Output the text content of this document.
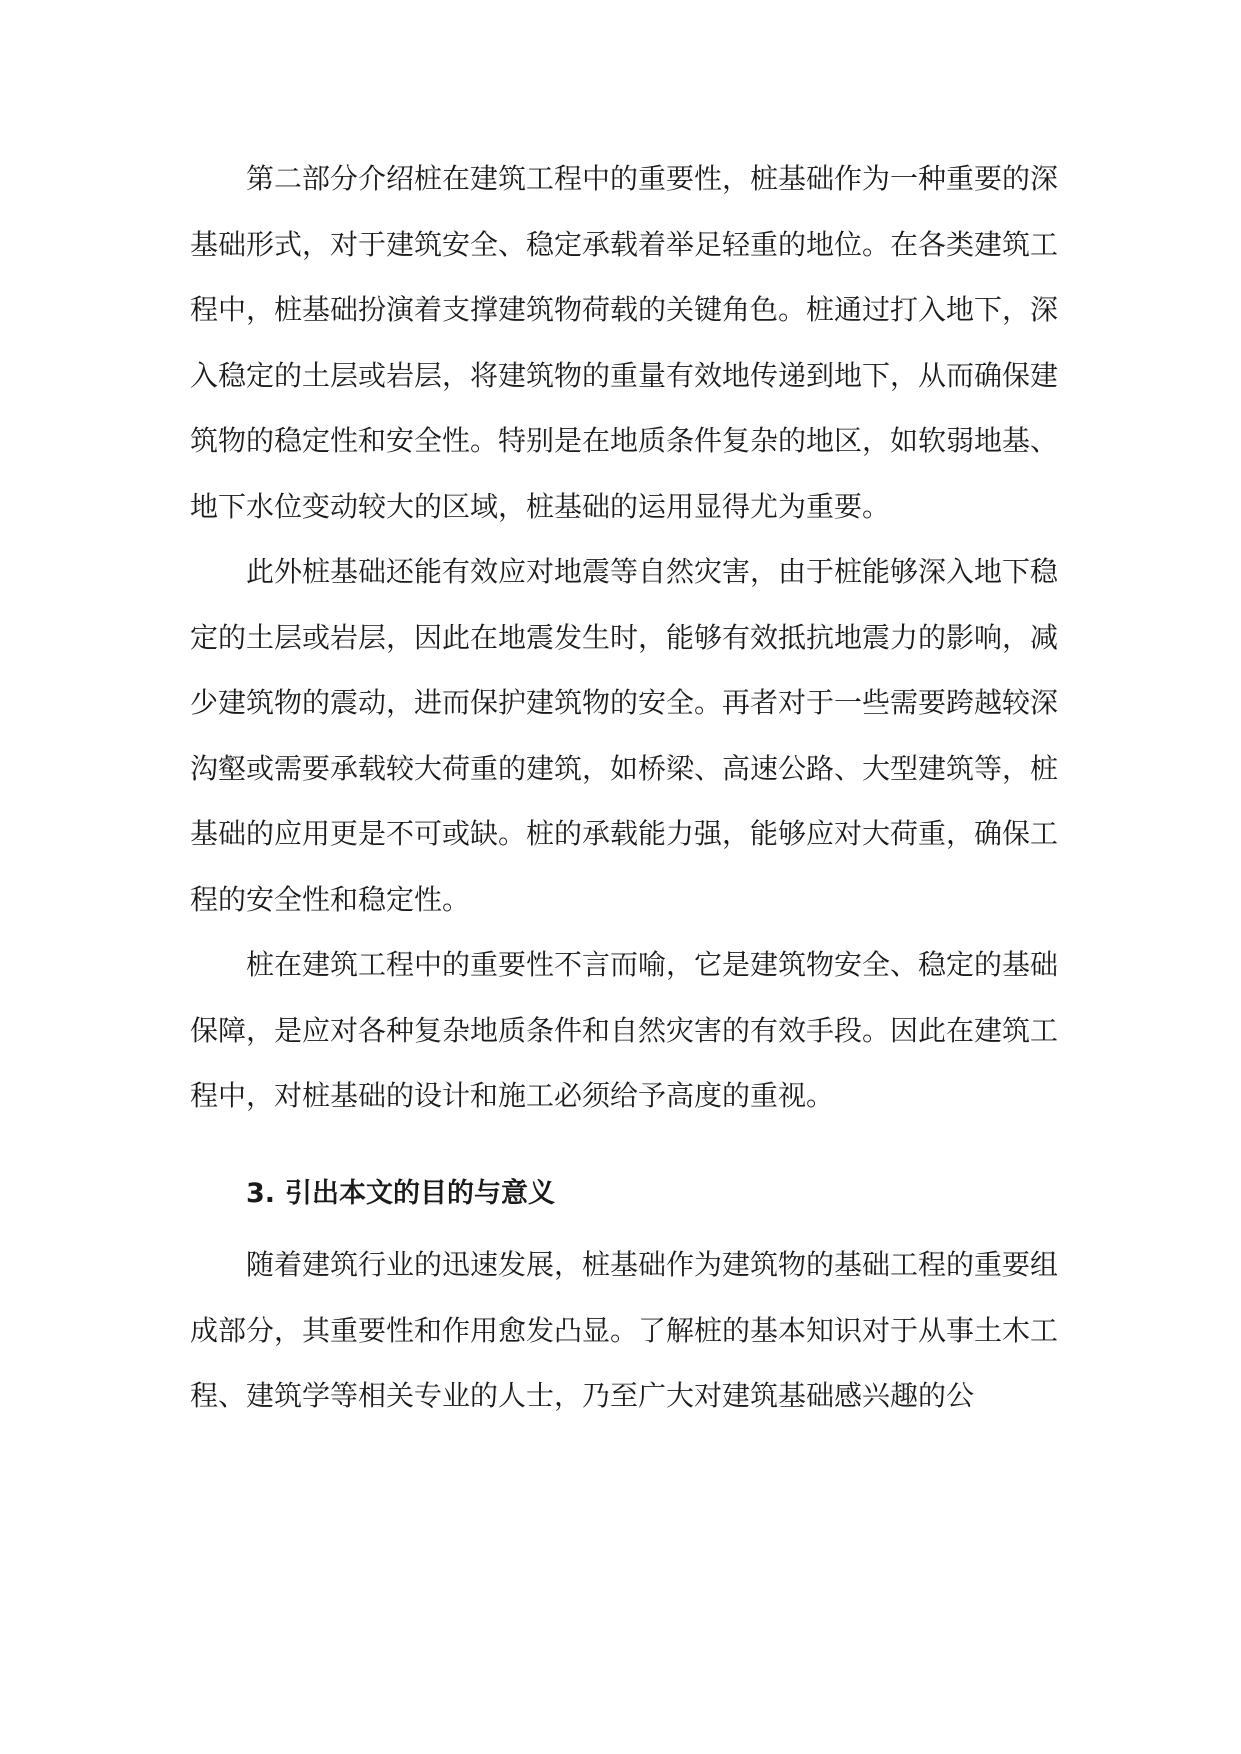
第二部分介绍桩在建筑工程中的重要性，桩基础作为一种重要的深基础形式，对于建筑安全、稳定承载着举足轻重的地位。在各类建筑工程中，桩基础扮演着支撑建筑物荷载的关键角色。桩通过打入地下，深入稳定的土层或岩层，将建筑物的重量有效地传递到地下，从而确保建筑物的稳定性和安全性。特别是在地质条件复杂的地区，如软弱地基、地下水位变动较大的区域，桩基础的运用显得尤为重要。

此外桩基础还能有效应对地震等自然灾害，由于桩能够深入地下稳定的土层或岩层，因此在地震发生时，能够有效抵抗地震力的影响，减少建筑物的震动，进而保护建筑物的安全。再者对于一些需要跨越较深沟壑或需要承载较大荷重的建筑，如桥梁、高速公路、大型建筑等，桩基础的应用更是不可或缺。桩的承载能力强，能够应对大荷重，确保工程的安全性和稳定性。

桩在建筑工程中的重要性不言而喻，它是建筑物安全、稳定的基础保障，是应对各种复杂地质条件和自然灾害的有效手段。因此在建筑工程中，对桩基础的设计和施工必须给予高度的重视。

3. 引出本文的目的与意义

随着建筑行业的迅速发展，桩基础作为建筑物的基础工程的重要组成部分，其重要性和作用愈发凸显。了解桩的基本知识对于从事土木工程、建筑学等相关专业的人士，乃至广大对建筑基础感兴趣的公
